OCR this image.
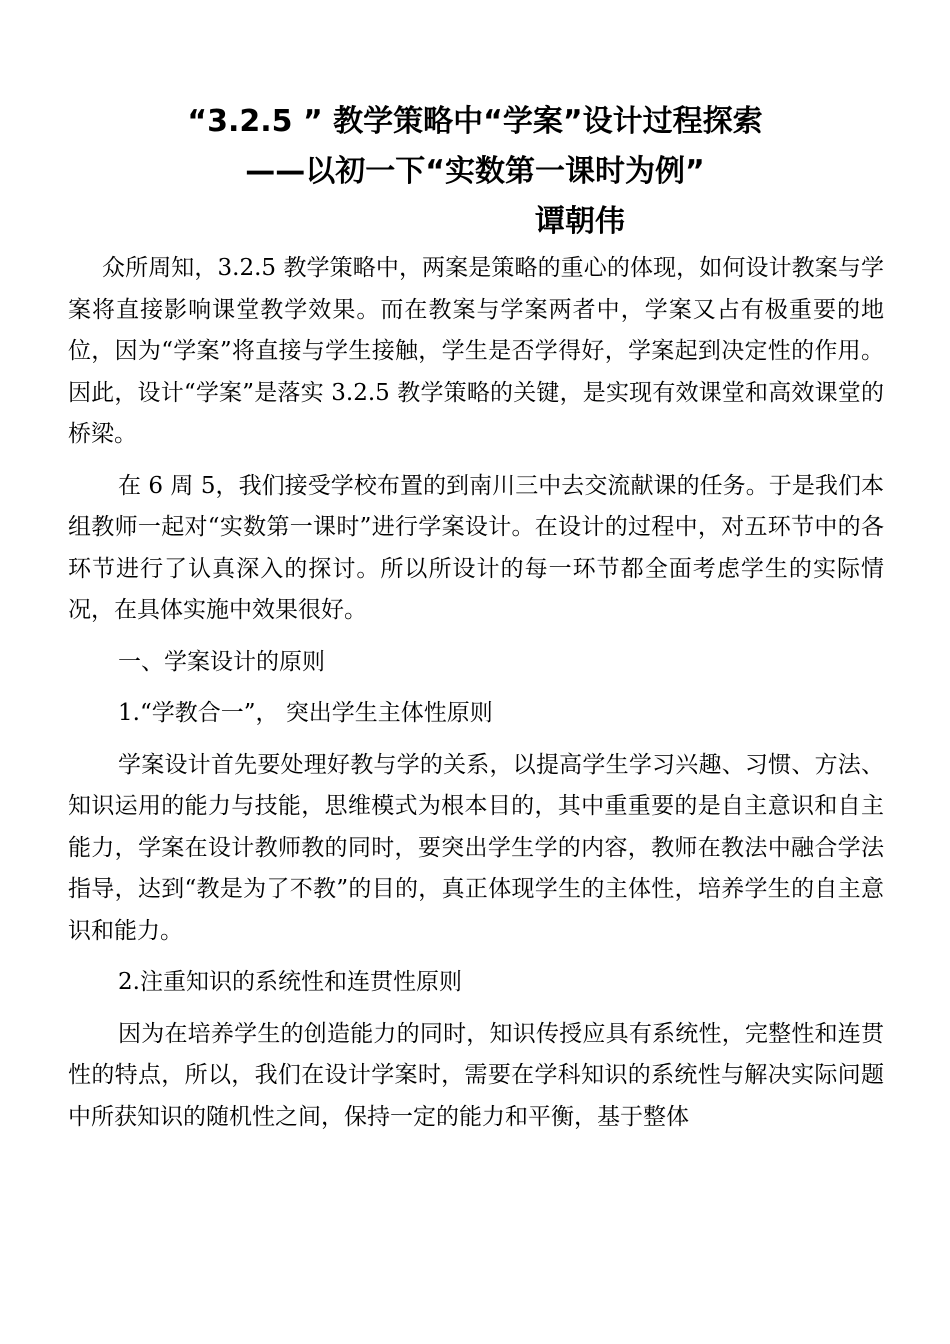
“3.2.5 ” 教学策略中“学案”设计过程探索
——以初一下“实数第一课时为例”
谭朝伟

众所周知，3.2.5 教学策略中，两案是策略的重心的体现，如何设计教案与学案将直接影响课堂教学效果。而在教案与学案两者中，学案又占有极重要的地位，因为“学案”将直接与学生接触，学生是否学得好，学案起到决定性的作用。因此，设计“学案”是落实 3.2.5 教学策略的关键，是实现有效课堂和高效课堂的桥梁。

在 6 周 5，我们接受学校布置的到南川三中去交流献课的任务。于是我们本组教师一起对“实数第一课时”进行学案设计。在设计的过程中，对五环节中的各环节进行了认真深入的探讨。所以所设计的每一环节都全面考虑学生的实际情况，在具体实施中效果很好。

一、学案设计的原则

1.“学教合一”， 突出学生主体性原则

学案设计首先要处理好教与学的关系，以提高学生学习兴趣、习惯、方法、知识运用的能力与技能，思维模式为根本目的，其中重重要的是自主意识和自主能力，学案在设计教师教的同时，要突出学生学的内容，教师在教法中融合学法指导，达到“教是为了不教”的目的，真正体现学生的主体性，培养学生的自主意识和能力。

2.注重知识的系统性和连贯性原则

因为在培养学生的创造能力的同时，知识传授应具有系统性，完整性和连贯性的特点，所以，我们在设计学案时，需要在学科知识的系统性与解决实际问题中所获知识的随机性之间，保持一定的能力和平衡，基于整体
